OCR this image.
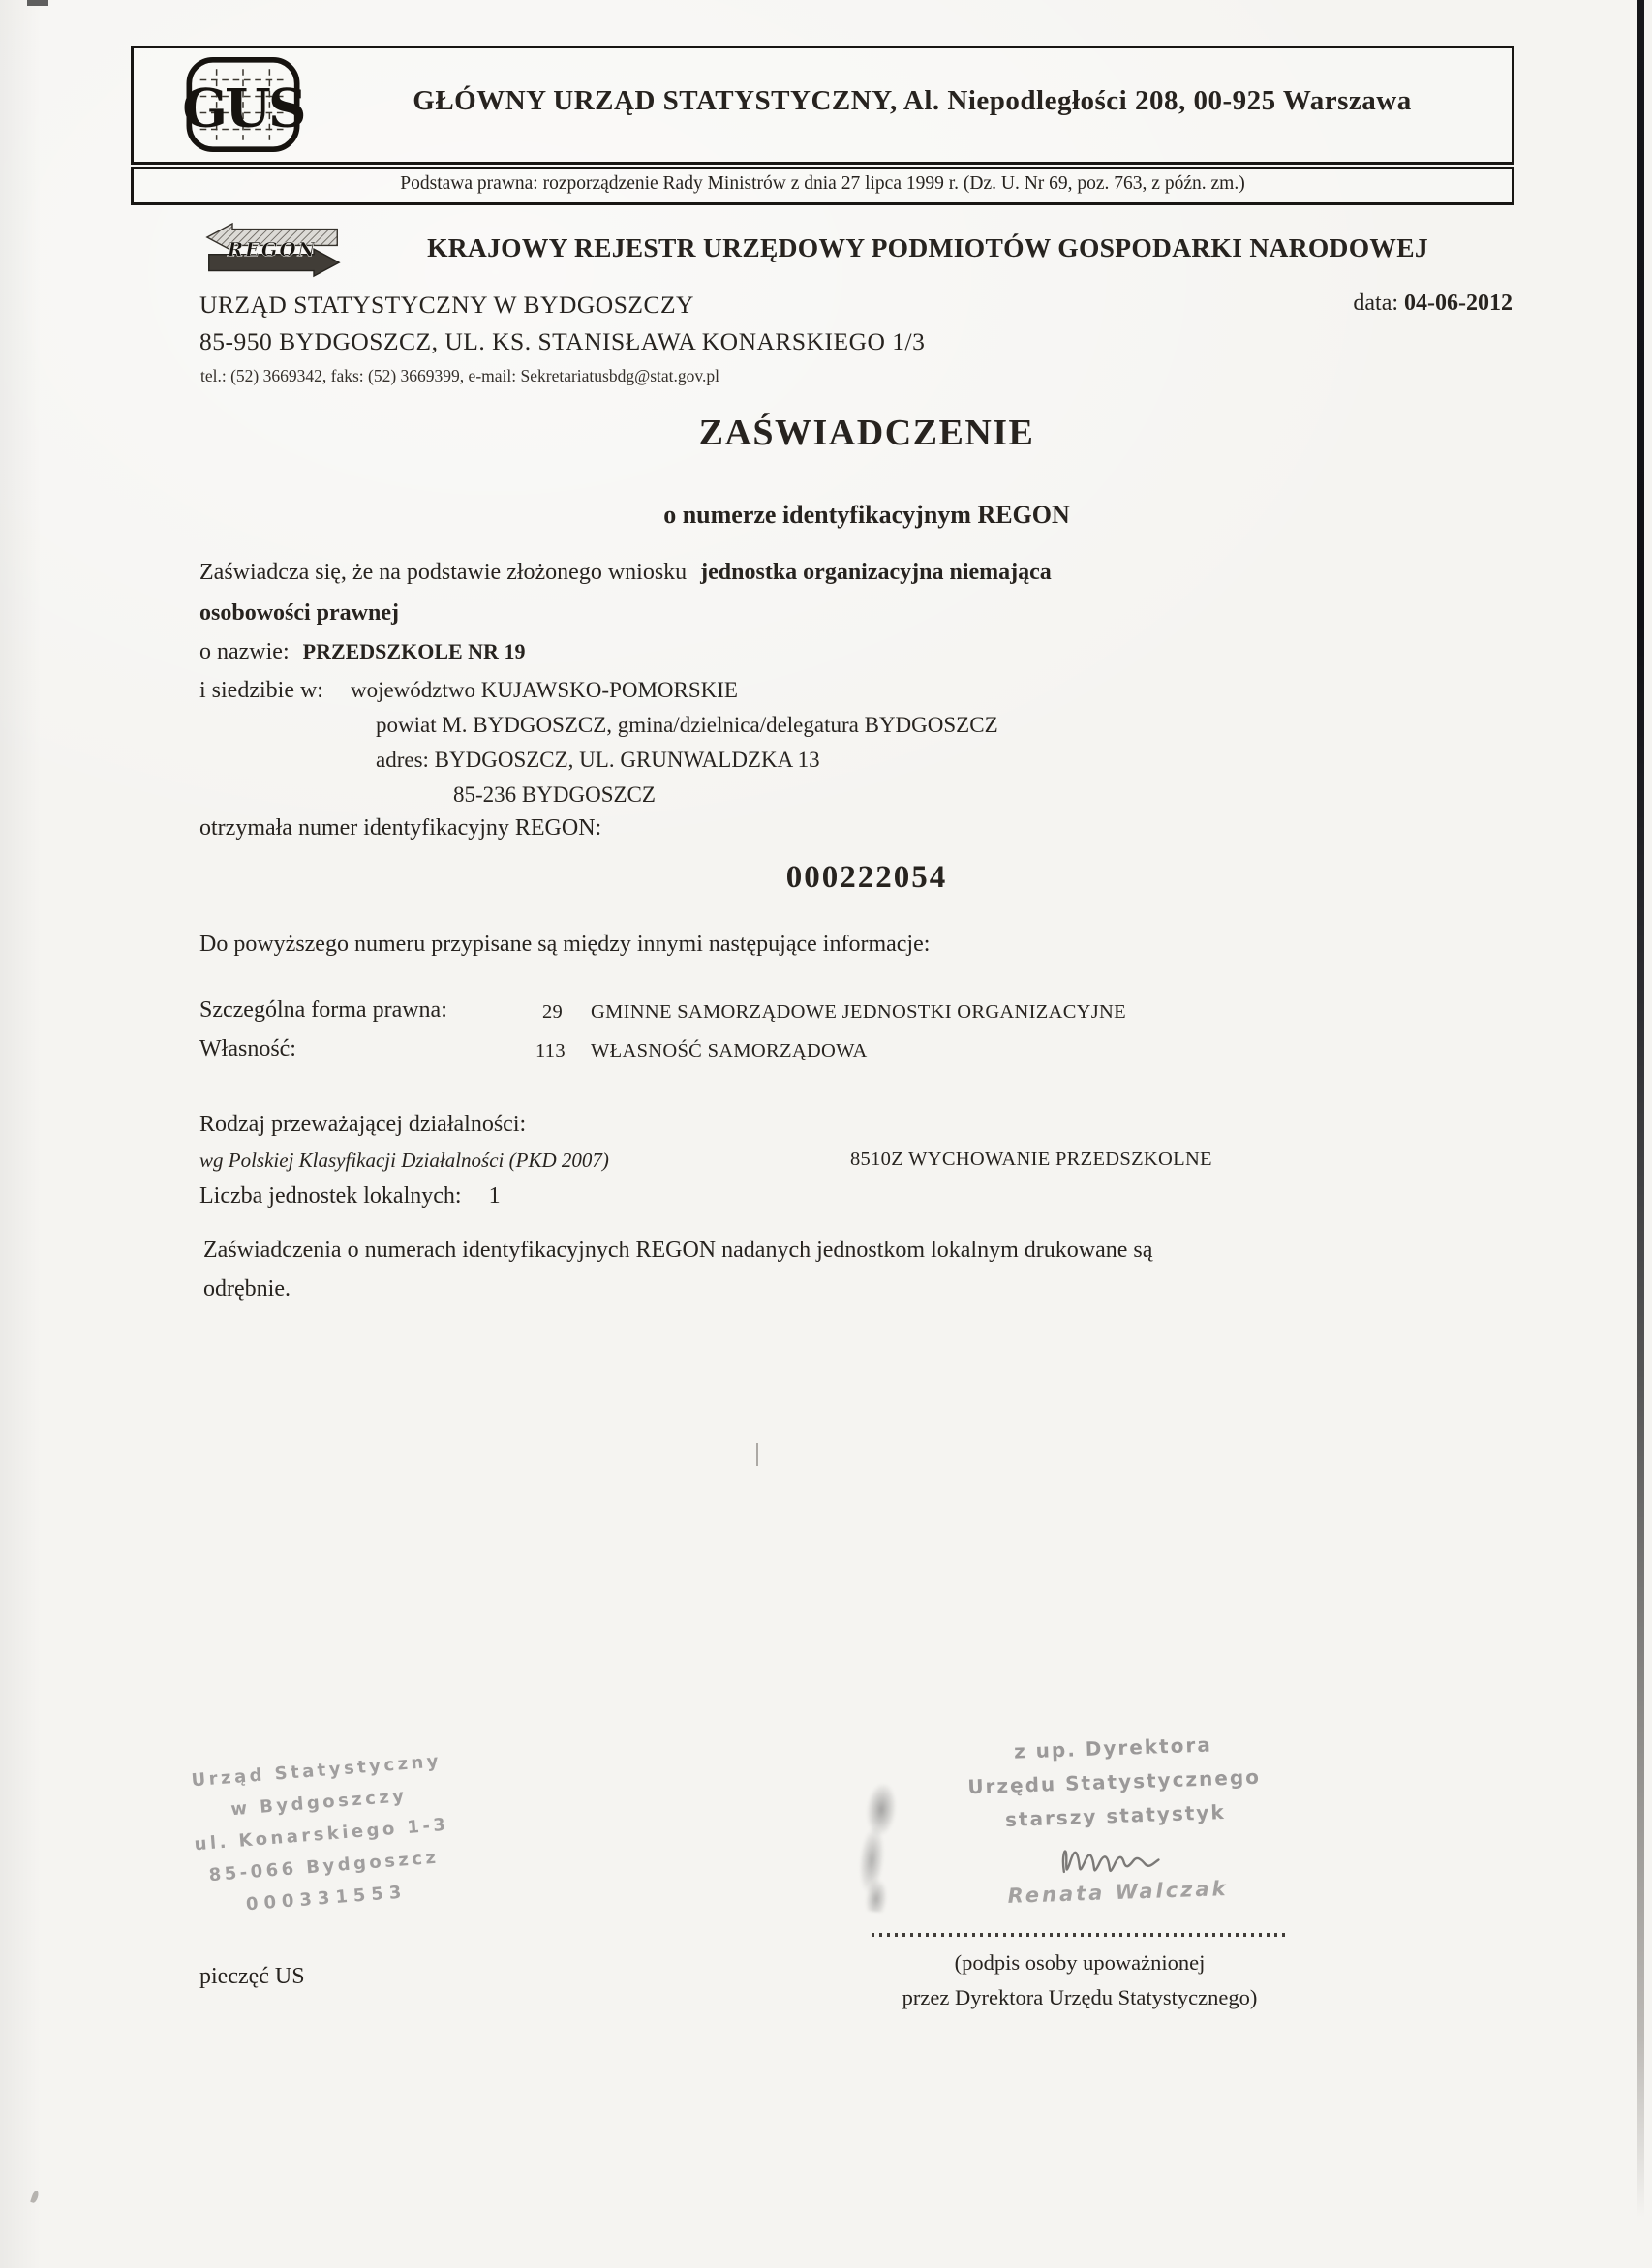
GUS	GŁÓWNY URZĄD STATYSTYCZNY, Al. Niepodległości 208, 00-925 Warszawa
Podstawa prawna: rozporządzenie Rady Ministrów z dnia 27 lipca 1999 r. (Dz. U. Nr 69, poz. 763, z późn. zm.)
REGON	KRAJOWY REJESTR URZĘDOWY PODMIOTÓW GOSPODARKI NARODOWEJ
URZĄD STATYSTYCZNY W BYDGOSZCZY	data: 04-06-2012
85-950 BYDGOSZCZ, UL. KS. STANISŁAWA KONARSKIEGO 1/3
tel.: (52) 3669342, faks: (52) 3669399, e-mail: Sekretariatusbdg@stat.gov.pl
ZAŚWIADCZENIE
o numerze identyfikacyjnym REGON
Zaświadcza się, że na podstawie złożonego wniosku jednostka organizacyjna niemająca
osobowości prawnej
o nazwie: PRZEDSZKOLE NR 19
i siedzibie w: województwo KUJAWSKO-POMORSKIE
powiat M. BYDGOSZCZ, gmina/dzielnica/delegatura BYDGOSZCZ
adres: BYDGOSZCZ, UL. GRUNWALDZKA 13
85-236 BYDGOSZCZ
otrzymała numer identyfikacyjny REGON:
000222054
Do powyższego numeru przypisane są między innymi następujące informacje:
Szczególna forma prawna:	29 GMINNE SAMORZĄDOWE JEDNOSTKI ORGANIZACYJNE
Własność:	113 WŁASNOŚĆ SAMORZĄDOWA
Rodzaj przeważającej działalności:
wg Polskiej Klasyfikacji Działalności (PKD 2007)	8510Z WYCHOWANIE PRZEDSZKOLNE
Liczba jednostek lokalnych: 1
Zaświadczenia o numerach identyfikacyjnych REGON nadanych jednostkom lokalnym drukowane są
odrębnie.
Urząd Statystyczny
w Bydgoszczy
ul. Konarskiego 1-3
85-066 Bydgoszcz
000331553
pieczęć US
z up. Dyrektora
Urzędu Statystycznego
starszy statystyk
Renata Walczak
(podpis osoby upoważnionej
przez Dyrektora Urzędu Statystycznego)
